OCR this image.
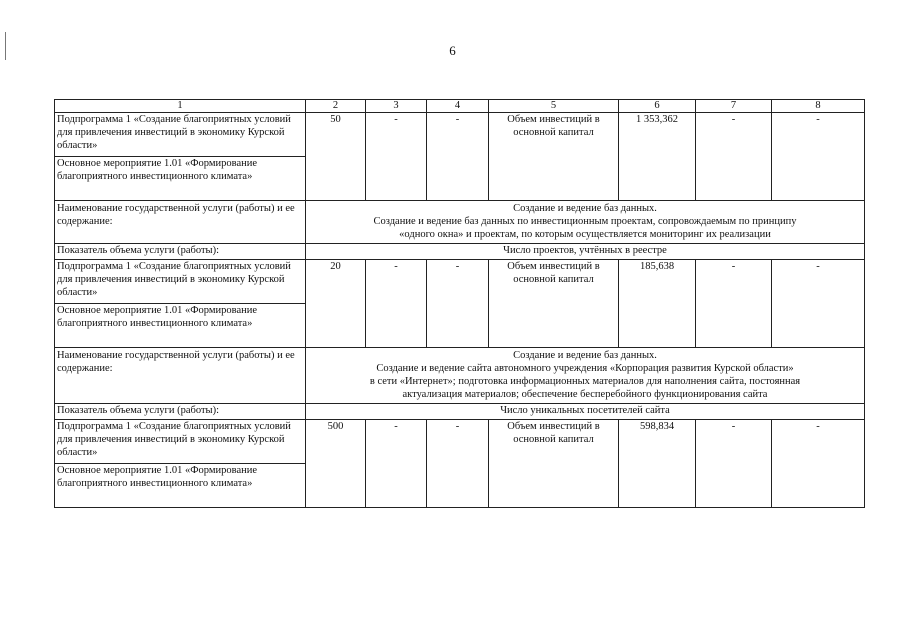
6
1	2	3	4	5	6	7	8
Подпрограмма 1 «Создание благоприятных условий для привлечения инвестиций в экономику Курской области»	50	-	-	Объем инвестиций в основной капитал	1 353,362	-	-
Основное мероприятие 1.01 «Формирование благоприятного инвестиционного климата»							
Наименование государственной услуги (работы) и ее содержание:	Создание и ведение баз данных.
Создание и ведение баз данных по инвестиционным проектам, сопровождаемым по принципу
«одного окна» и проектам, по которым осуществляется мониторинг их реализации						

Показатель объема услуги (работы):	Число проектов, учтённых в реестре						
Подпрограмма 1 «Создание благоприятных условий для привлечения инвестиций в экономику Курской области»	20	-	-	Объем инвестиций в основной капитал	185,638	-	-
Основное мероприятие 1.01 «Формирование благоприятного инвестиционного климата»							
Наименование государственной услуги (работы) и ее содержание:	Создание и ведение баз данных.
Создание и ведение сайта автономного учреждения «Корпорация развития Курской области»
в сети «Интернет»; подготовка информационных материалов для наполнения сайта, постоянная
актуализация материалов; обеспечение бесперебойного функционирования сайта						

Показатель объема услуги (работы):	Число уникальных посетителей сайта						
Подпрограмма 1 «Создание благоприятных условий для привлечения инвестиций в экономику Курской области»	500	-	-	Объем инвестиций в основной капитал	598,834	-	-
Основное мероприятие 1.01 «Формирование благоприятного инвестиционного климата»							
